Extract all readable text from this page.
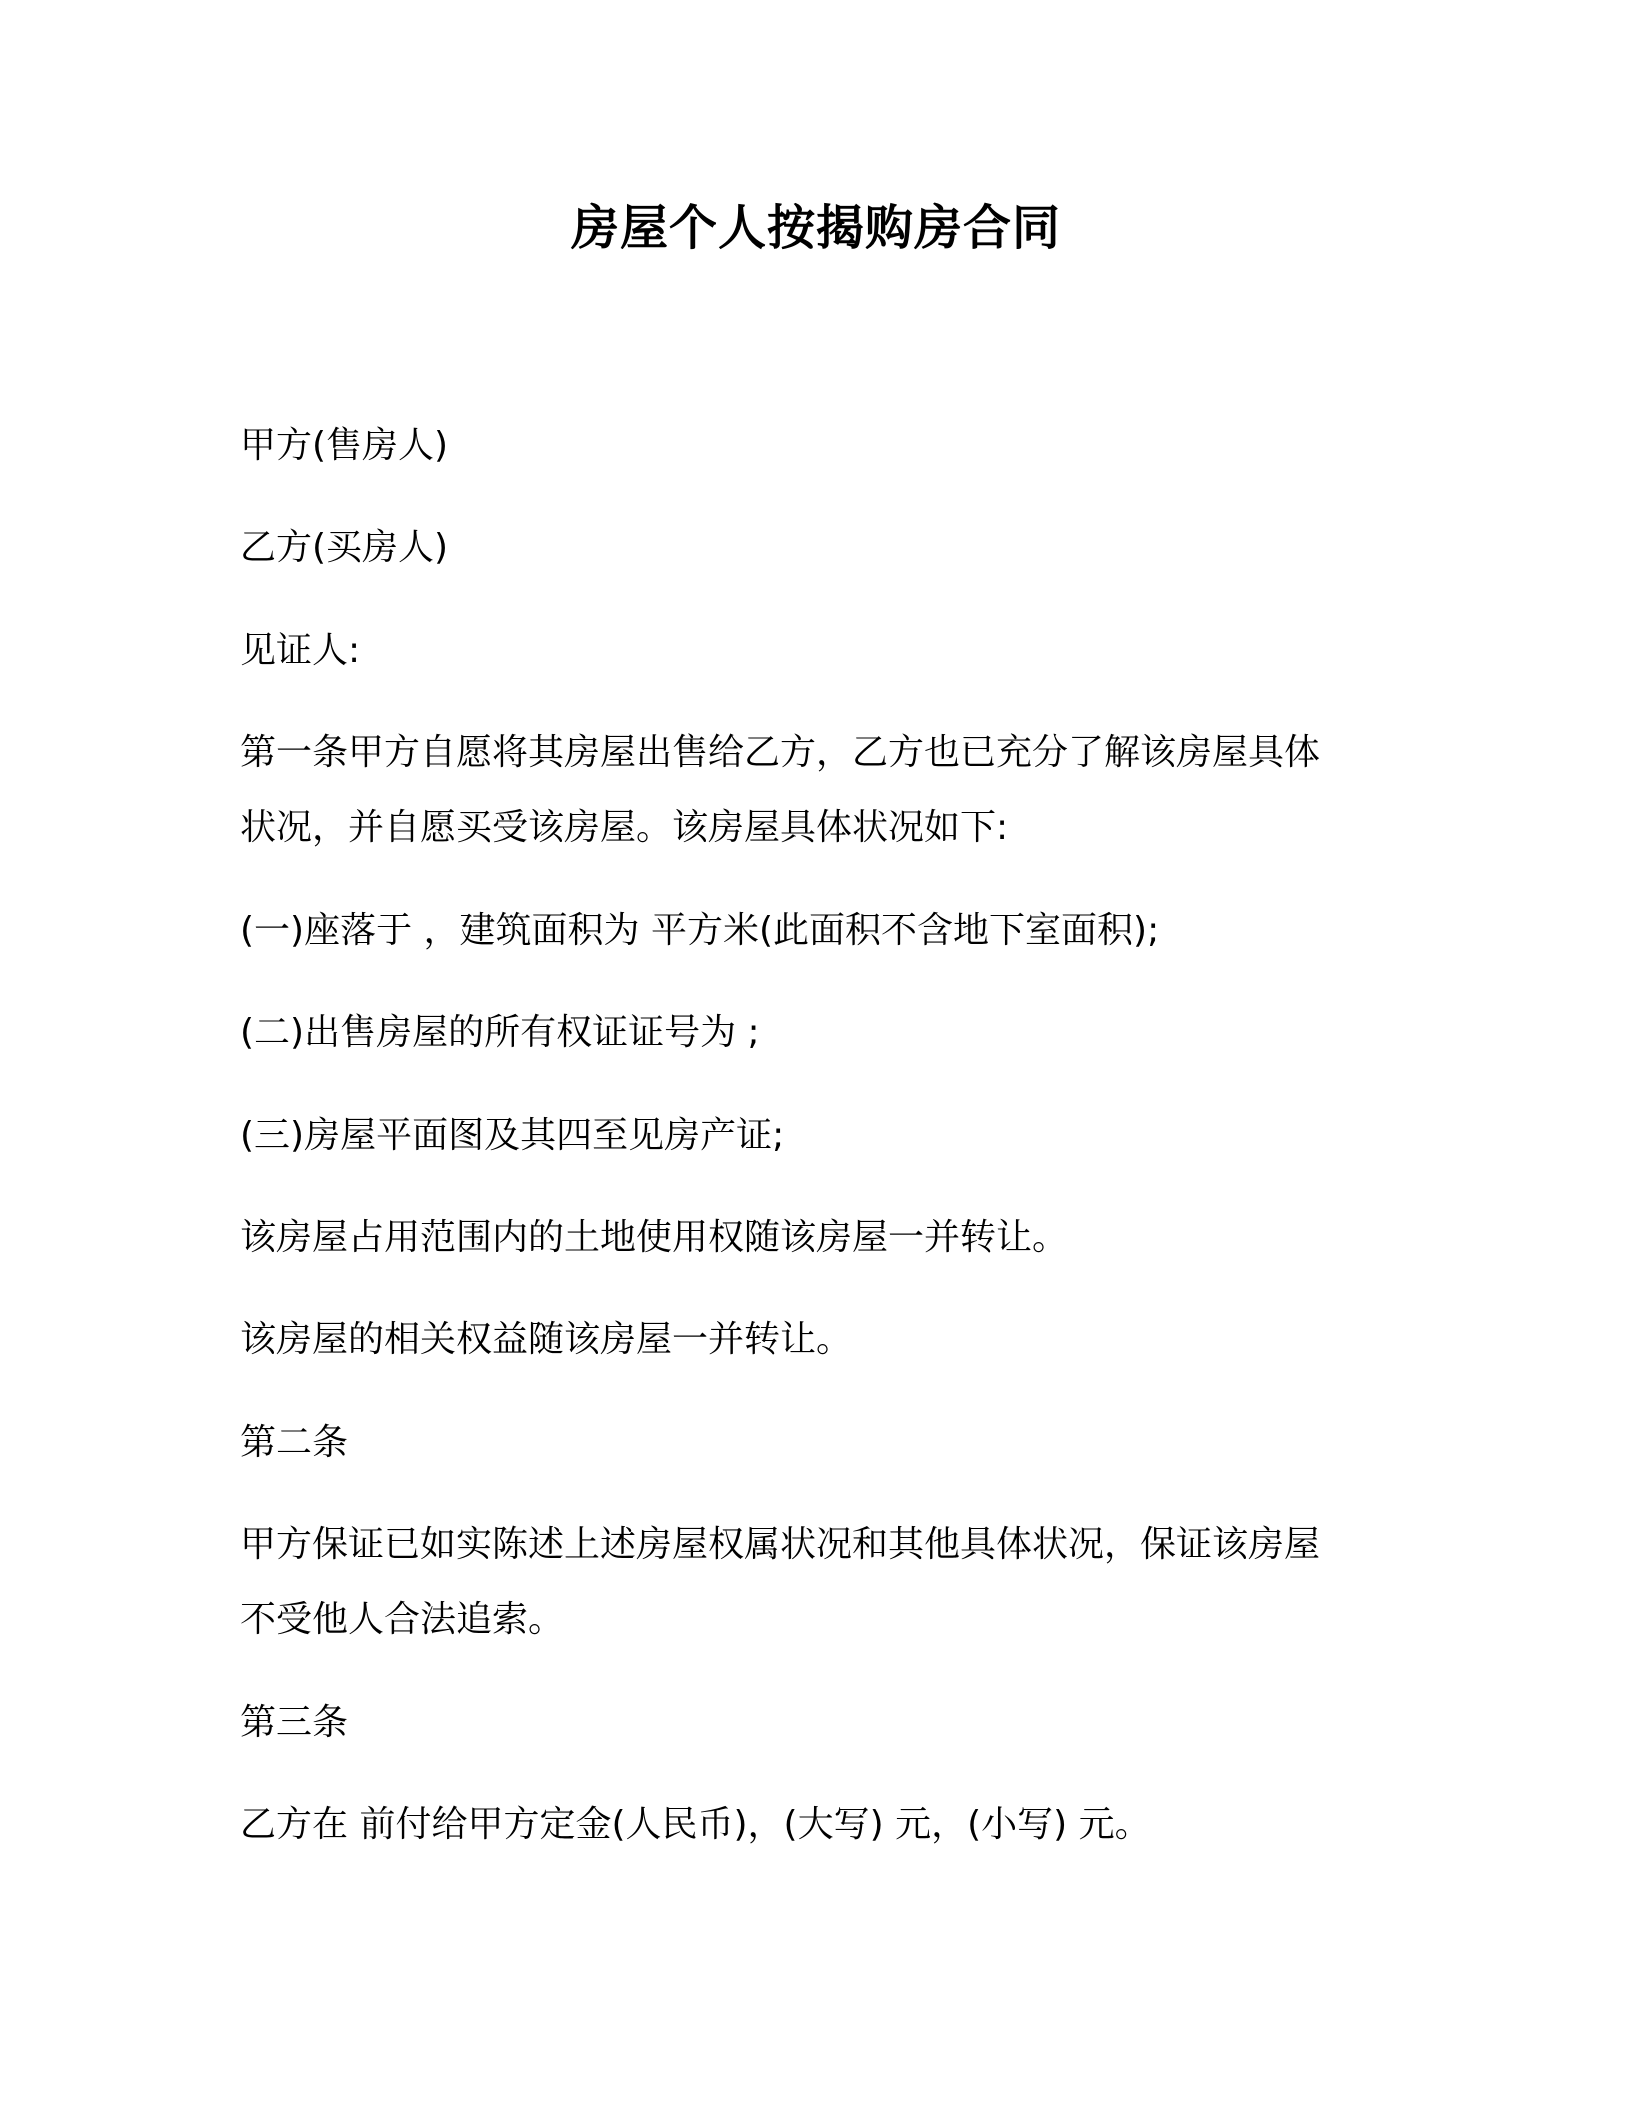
房屋个人按揭购房合同
甲方(售房人)
乙方(买房人)
见证人:
第一条甲方自愿将其房屋出售给乙方，乙方也已充分了解该房屋具体
状况，并自愿买受该房屋。该房屋具体状况如下:
(一)座落于 ，建筑面积为 平方米(此面积不含地下室面积);
(二)出售房屋的所有权证证号为 ;
(三)房屋平面图及其四至见房产证;
该房屋占用范围内的土地使用权随该房屋一并转让。
该房屋的相关权益随该房屋一并转让。
第二条
甲方保证已如实陈述上述房屋权属状况和其他具体状况，保证该房屋
不受他人合法追索。
第三条
乙方在 前付给甲方定金(人民币)，(大写) 元，(小写) 元。
